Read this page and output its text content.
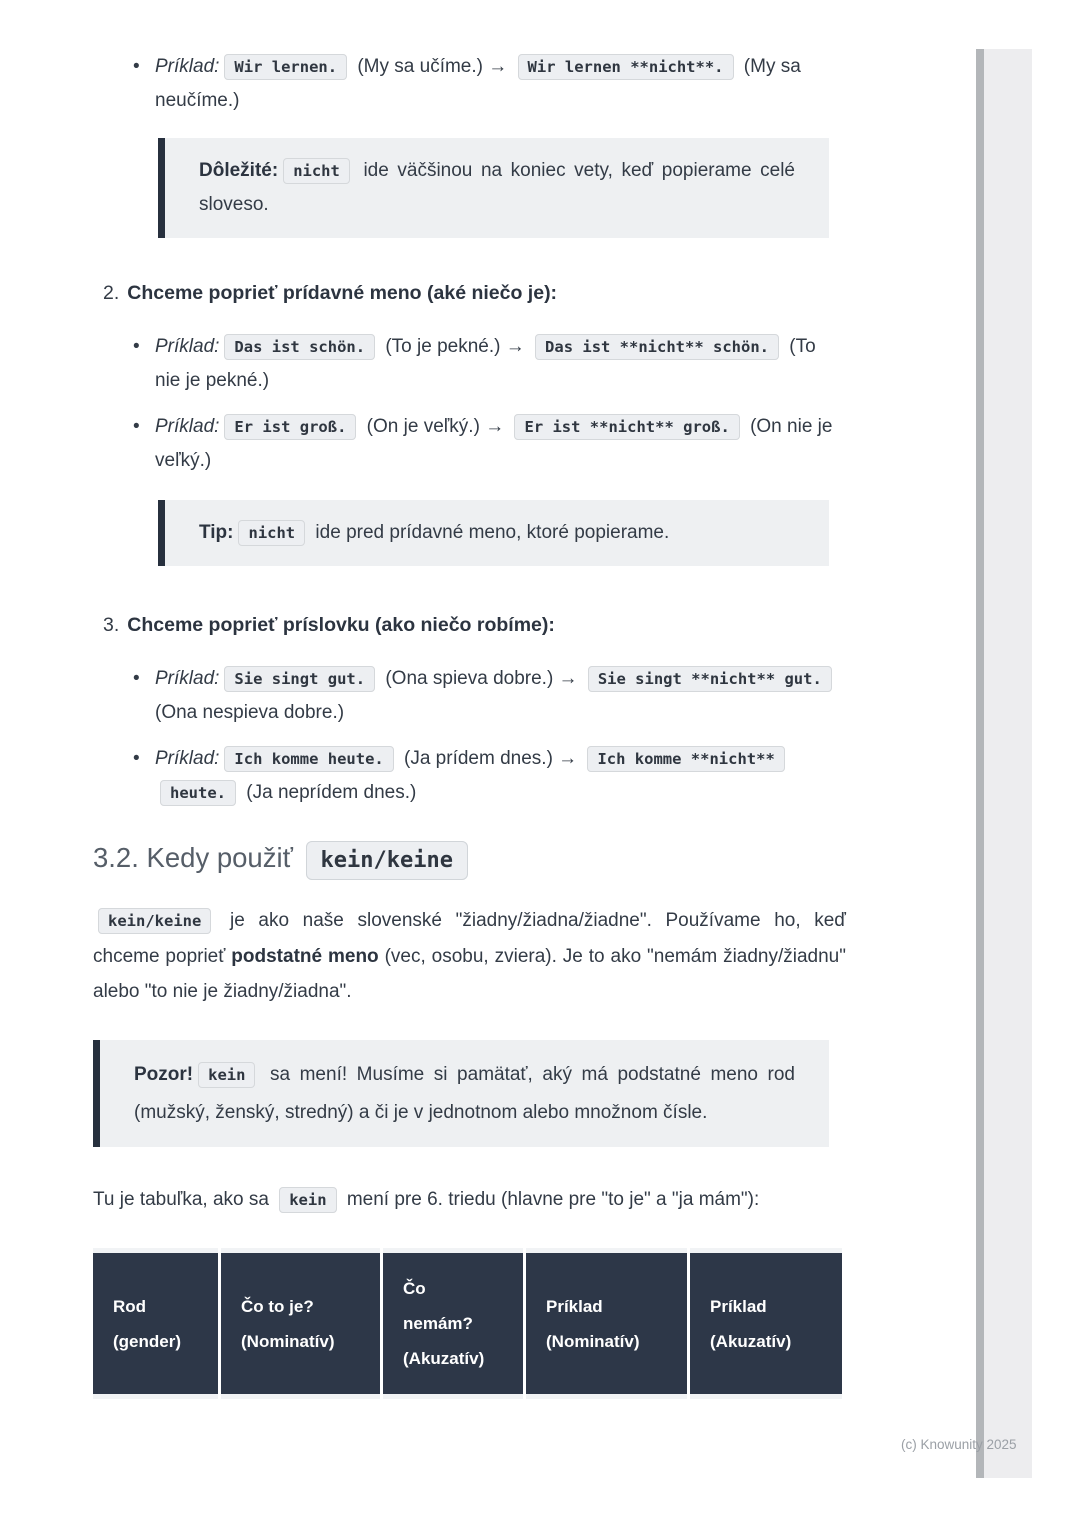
• Príklad: Wir lernen. (My sa učíme.) → Wir lernen **nicht**. (My sa neučíme.)
Dôležité: nicht ide väčšinou na koniec vety, keď popierame celé sloveso.
2. Chceme poprieť prídavné meno (aké niečo je):
• Príklad: Das ist schön. (To je pekné.) → Das ist **nicht** schön. (To nie je pekné.)
• Príklad: Er ist groß. (On je veľký.) → Er ist **nicht** groß. (On nie je veľký.)
Tip: nicht ide pred prídavné meno, ktoré popierame.
3. Chceme poprieť príslovku (ako niečo robíme):
• Príklad: Sie singt gut. (Ona spieva dobre.) → Sie singt **nicht** gut. (Ona nespieva dobre.)
• Príklad: Ich komme heute. (Ja prídem dnes.) → Ich komme **nicht** heute. (Ja neprídem dnes.)
3.2. Kedy použiť kein/keine
kein/keine je ako naše slovenské "žiadny/žiadna/žiadne". Používame ho, keď chceme poprieť podstatné meno (vec, osobu, zviera). Je to ako "nemám žiadny/žiadnu" alebo "to nie je žiadny/žiadna".
Pozor! kein sa mení! Musíme si pamätať, aký má podstatné meno rod (mužský, ženský, stredný) a či je v jednotnom alebo množnom čísle.
Tu je tabuľka, ako sa kein mení pre 6. triedu (hlavne pre "to je" a "ja mám"):
Rod
(gender)
Čo to je?
(Nominatív)
Čo
nemám?
(Akuzatív)
Príklad
(Nominatív)
Príklad
(Akuzatív)
(c) Knowunity 2025
